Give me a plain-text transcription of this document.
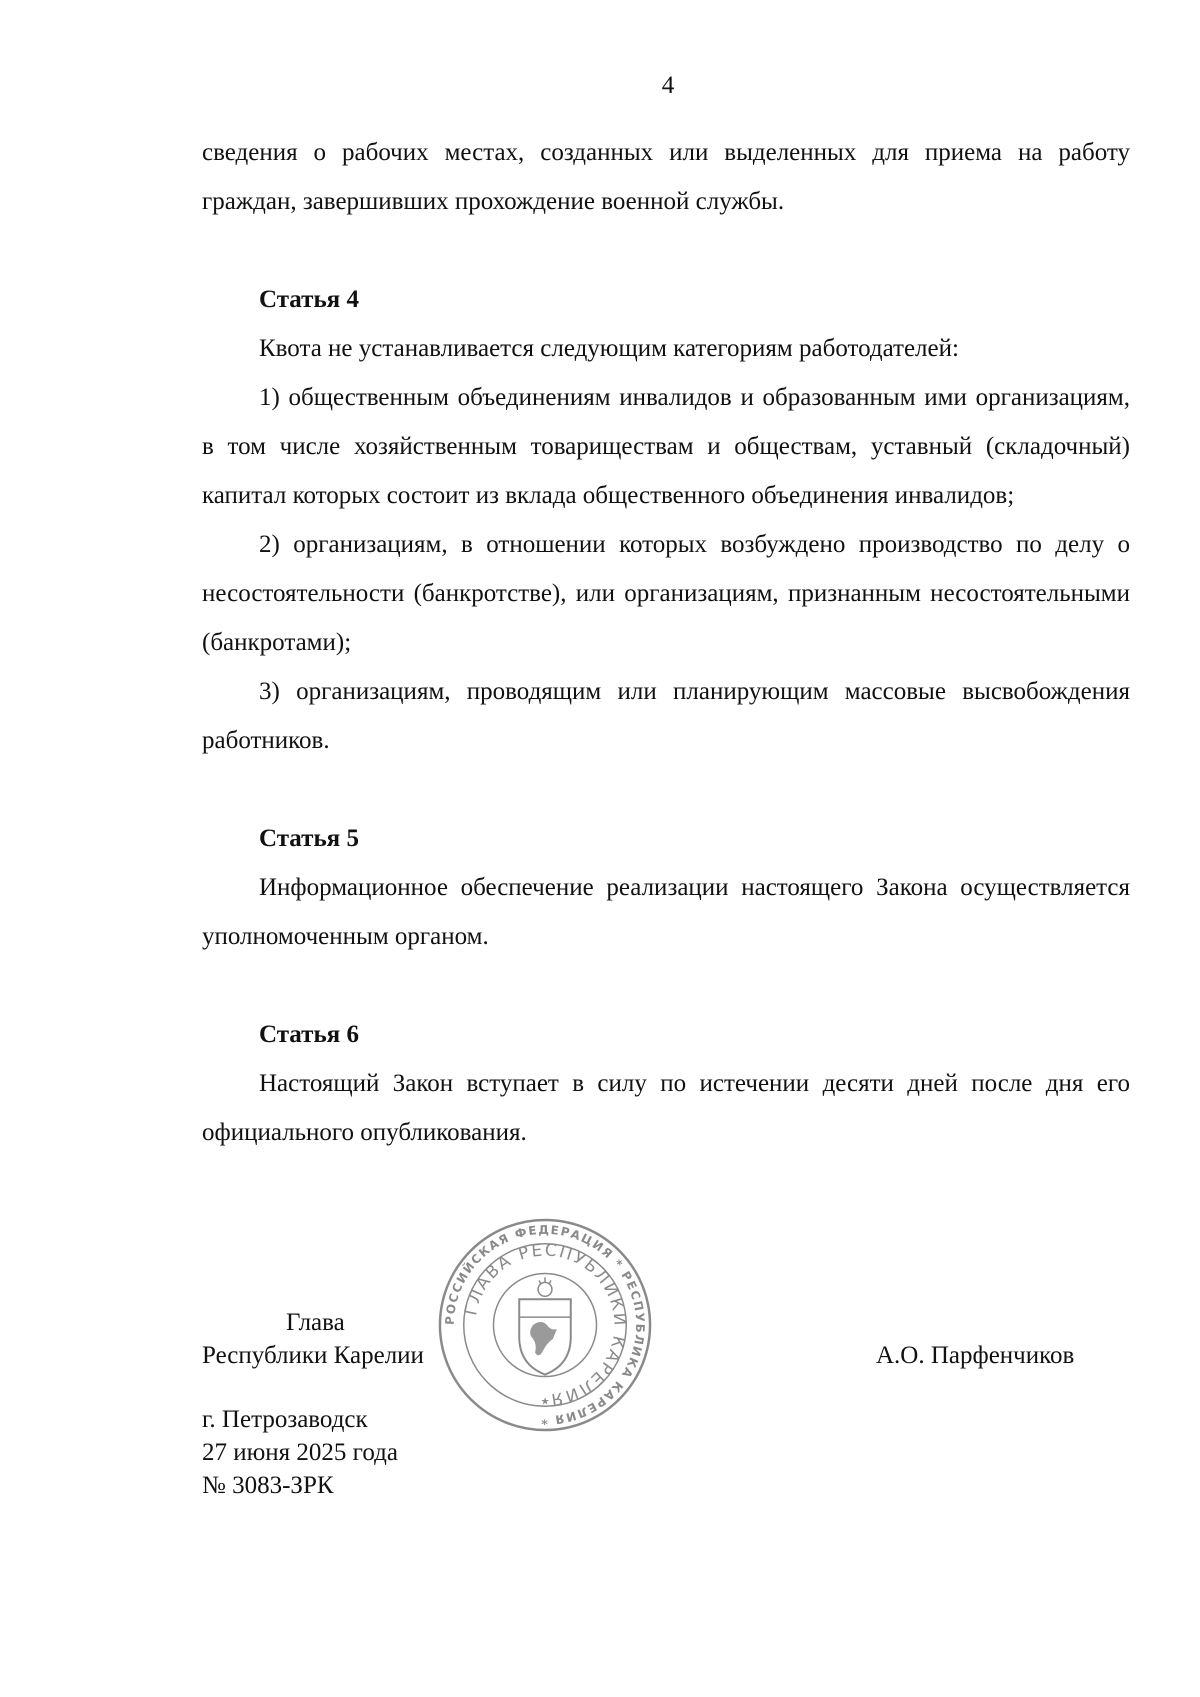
4

сведения о рабочих местах, созданных или выделенных для приема на работу граждан, завершивших прохождение военной службы.

Статья 4

Квота не устанавливается следующим категориям работодателей:

1) общественным объединениям инвалидов и образованным ими организациям, в том числе хозяйственным товариществам и обществам, уставный (складочный) капитал которых состоит из вклада общественного объединения инвалидов;

2) организациям, в отношении которых возбуждено производство по делу о несостоятельности (банкротстве), или организациям, признанным несостоятельными (банкротами);

3) организациям, проводящим или планирующим массовые высвобождения работников.

Статья 5

Информационное обеспечение реализации настоящего Закона осуществляется уполномоченным органом.

Статья 6

Настоящий Закон вступает в силу по истечении десяти дней после дня его официального опубликования.

РОССИЙСКАЯ ФЕДЕРАЦИЯ * РЕСПУБЛИКА КАРЕЛИЯ *
ГЛАВА РЕСПУБЛИКИ КАРЕЛИЯ
★
Глава
Республики Карелии	А.О. Парфенчиков
г. Петрозаводск
27 июня 2025 года
№ 3083-ЗРК
